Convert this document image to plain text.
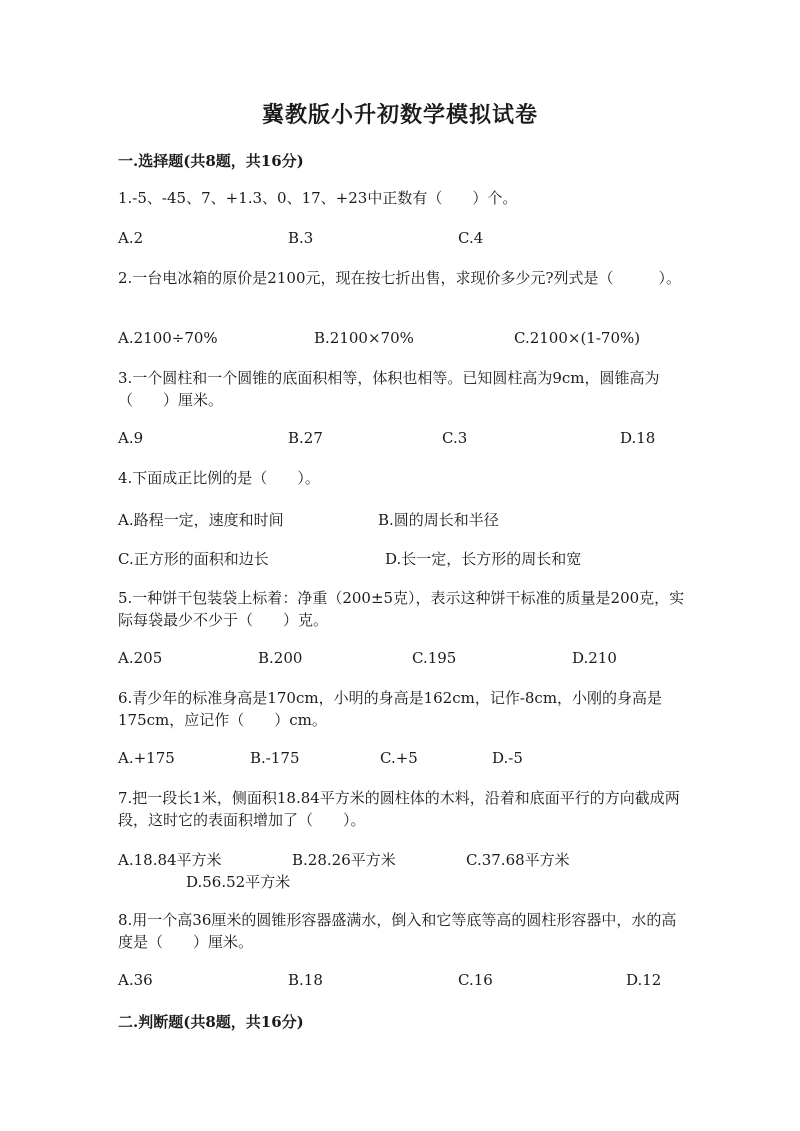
冀教版小升初数学模拟试卷
一.选择题(共8题，共16分)
1.-5、-45、7、+1.3、0、17、+23中正数有（　　）个。
A.2	B.3	C.4
2.一台电冰箱的原价是2100元，现在按七折出售，求现价多少元?列式是（　　　）。
A.2100÷70%	B.2100×70%	C.2100×(1-70%)
3.一个圆柱和一个圆锥的底面积相等，体积也相等。已知圆柱高为9cm，圆锥高为（　　）厘米。
A.9	B.27	C.3	D.18
4.下面成正比例的是（　　）。
A.路程一定，速度和时间	B.圆的周长和半径
C.正方形的面积和边长	D.长一定，长方形的周长和宽
5.一种饼干包装袋上标着：净重（200±5克），表示这种饼干标准的质量是200克，实际每袋最少不少于（　　）克。
A.205	B.200	C.195	D.210
6.青少年的标准身高是170cm，小明的身高是162cm，记作-8cm，小刚的身高是175cm，应记作（　　）cm。
A.+175	B.-175	C.+5	D.-5
7.把一段长1米，侧面积18.84平方米的圆柱体的木料，沿着和底面平行的方向截成两段，这时它的表面积增加了（　　）。
A.18.84平方米	B.28.26平方米	C.37.68平方米
D.56.52平方米
8.用一个高36厘米的圆锥形容器盛满水，倒入和它等底等高的圆柱形容器中，水的高度是（　　）厘米。
A.36	B.18	C.16	D.12
二.判断题(共8题，共16分)
